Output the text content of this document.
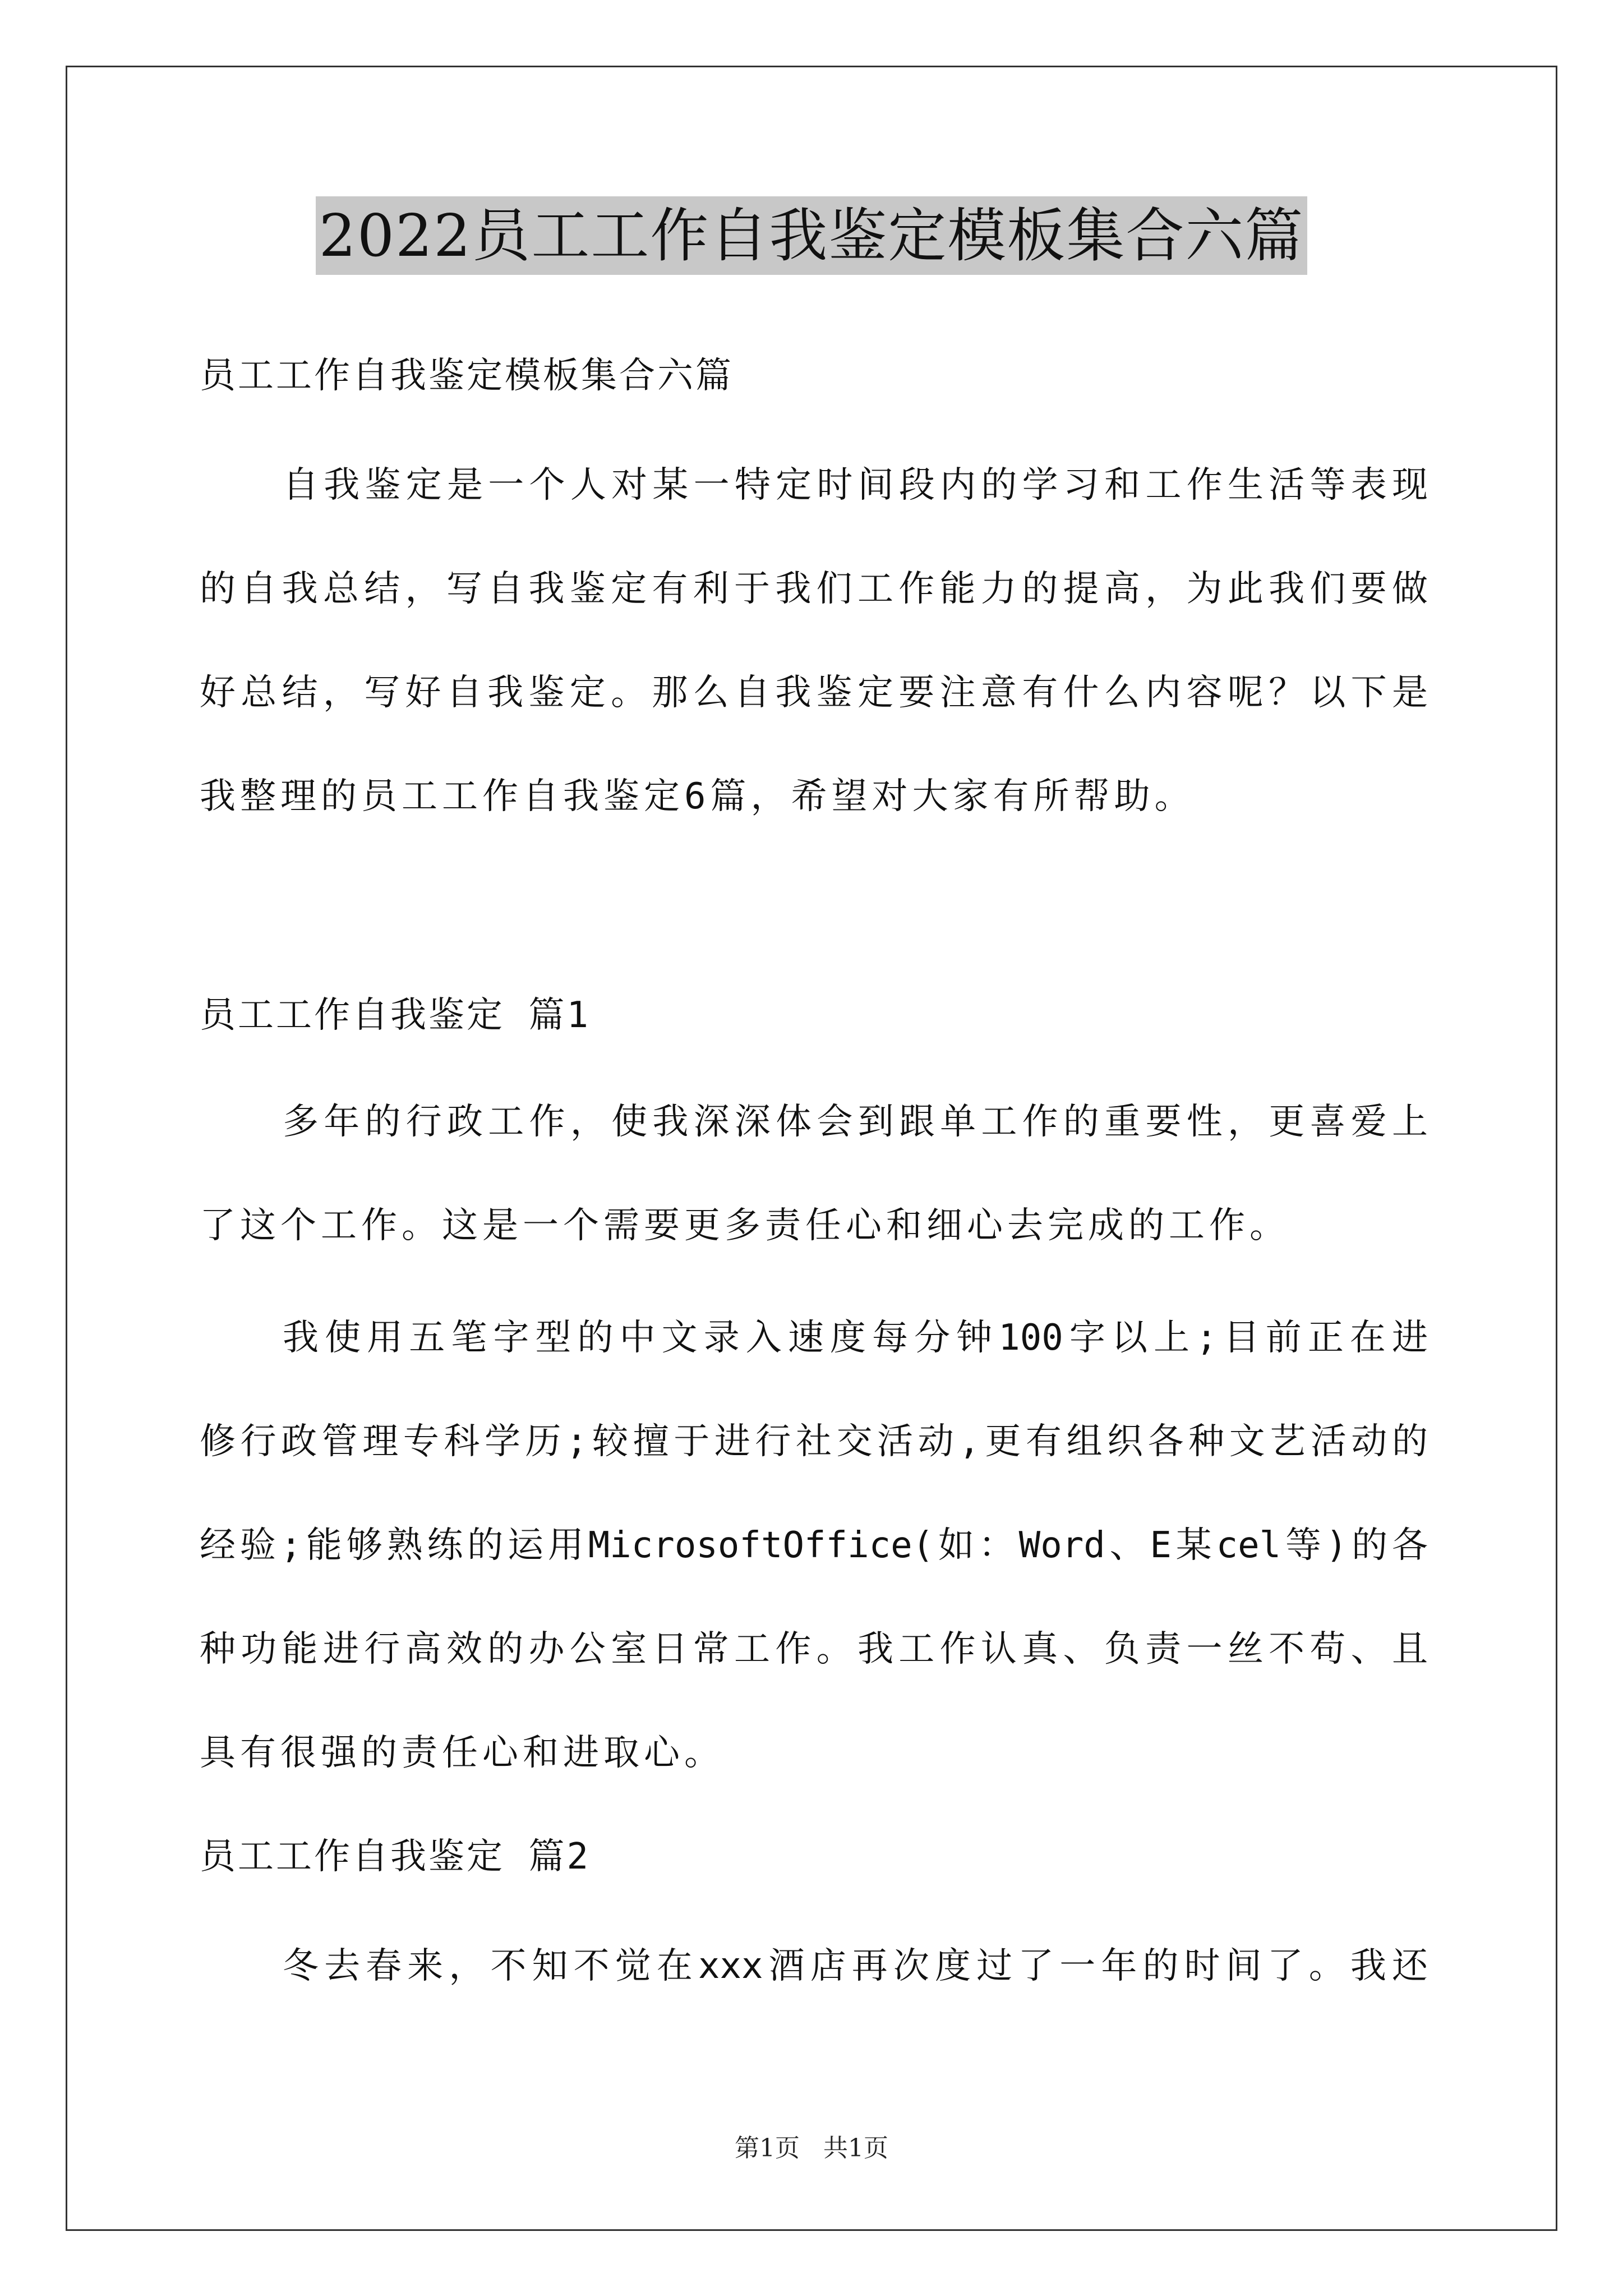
2022员工工作自我鉴定模板集合六篇
员工工作自我鉴定模板集合六篇
自我鉴定是一个人对某一特定时间段内的学习和工作生活等表现
的自我总结，写自我鉴定有利于我们工作能力的提高，为此我们要做
好总结，写好自我鉴定。那么自我鉴定要注意有什么内容呢？以下是
我整理的员工工作自我鉴定6篇，希望对大家有所帮助。
员工工作自我鉴定 篇1
多年的行政工作，使我深深体会到跟单工作的重要性，更喜爱上
了这个工作。这是一个需要更多责任心和细心去完成的工作。
我使用五笔字型的中文录入速度每分钟100字以上;目前正在进
修行政管理专科学历;较擅于进行社交活动,更有组织各种文艺活动的
经验;能够熟练的运用MicrosoftOffice(如：Word、E某cel等)的各
种功能进行高效的办公室日常工作。我工作认真、负责一丝不苟、且
具有很强的责任心和进取心。
员工工作自我鉴定 篇2
冬去春来，不知不觉在xxx酒店再次度过了一年的时间了。我还
第1页   共1页
